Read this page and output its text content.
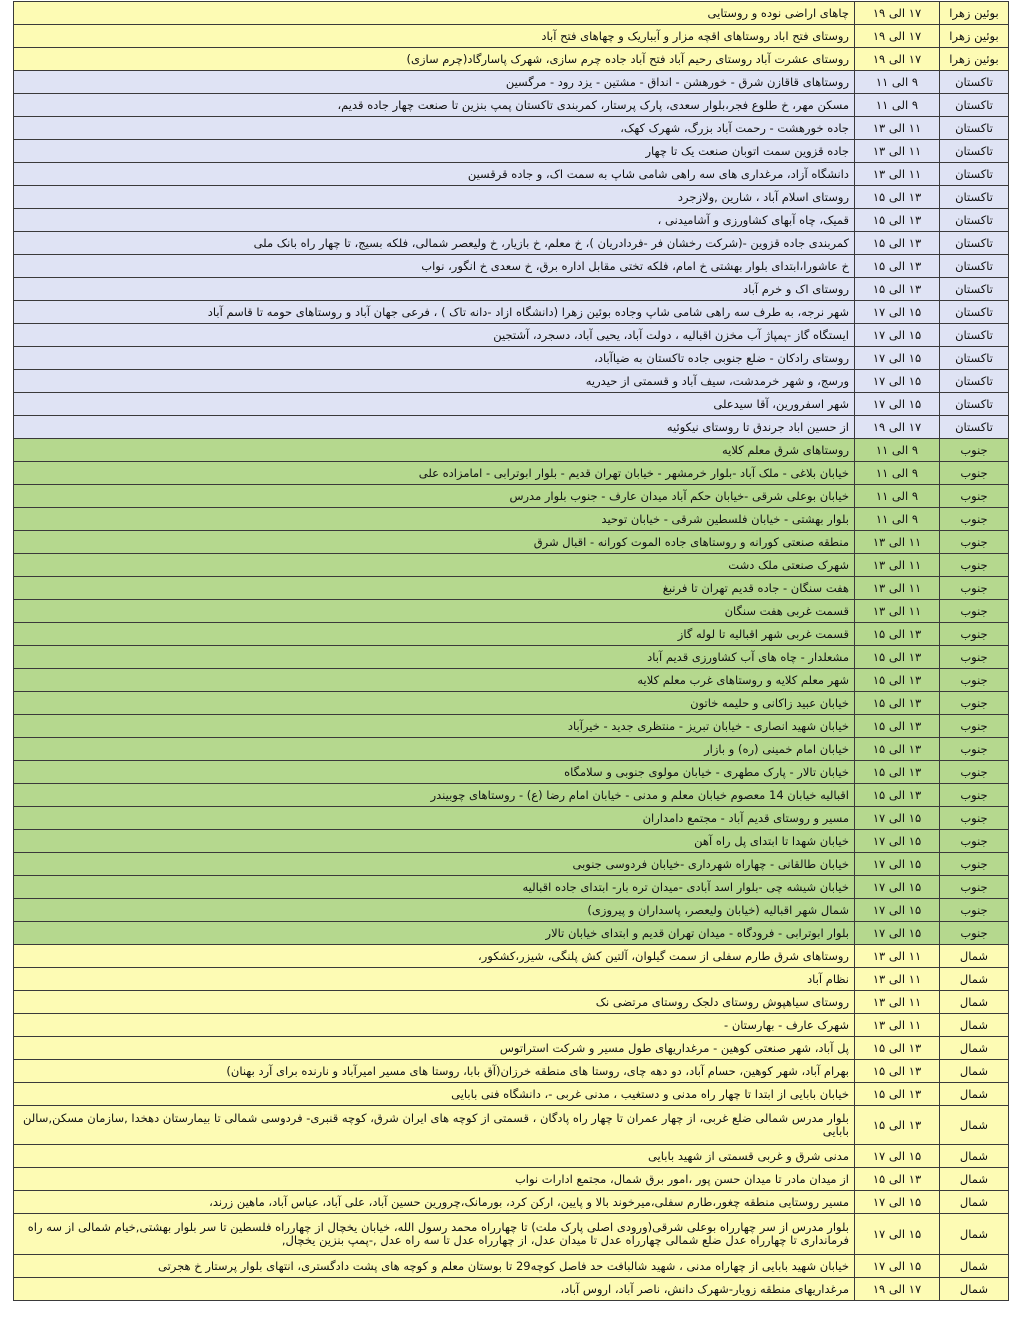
بوئین زهرا	۱۷ الی ۱۹	چاهای اراضی نوده و روستایی
بوئین زهرا	۱۷ الی ۱۹	روستای فتح اباد روستاهای اقچه مزار و آبباریک و چهاهای فتح آباد
بوئین زهرا	۱۷ الی ۱۹	روستای عشرت آباد روستای رحیم آباد فتح آباد جاده چرم سازی، شهرک پاسارگاد(چرم سازی)
تاکستان	۹ الی ۱۱	روستاهای قاقازن شرق - خورهشن - انداق - مشتین - یزد رود - مرگسین
تاکستان	۹ الی ۱۱	مسکن مهر، خ طلوع فجر،بلوار سعدی، پارک پرستار، کمربندی تاکستان پمپ بنزین تا صنعت چهار جاده قدیم،
تاکستان	۱۱ الی ۱۳	جاده خورهشت - رحمت آباد بزرگ، شهرک کهک،
تاکستان	۱۱ الی ۱۳	جاده قزوین سمت اتوبان صنعت یک تا چهار
تاکستان	۱۱ الی ۱۳	دانشگاه آزاد، مرغداری های سه راهی شامی شاپ به سمت اک، و جاده قرقسین
تاکستان	۱۳ الی ۱۵	روستای اسلام آباد ، شارین ,ولازجرد
تاکستان	۱۳ الی ۱۵	قمیک، چاه آبهای کشاورزی و آشامیدنی ،
تاکستان	۱۳ الی ۱۵	کمربندی جاده قزوین -(شرکت رخشان فر -فردادریان )، خ معلم، خ بازیار، خ ولیعصر شمالی، فلکه بسیج، تا چهار راه بانک ملی
تاکستان	۱۳ الی ۱۵	خ عاشورا،ابتدای بلوار بهشتی خ امام، فلکه تختی مقابل اداره برق، خ سعدی خ انگور، نواب
تاکستان	۱۳ الی ۱۵	روستای اک و خرم آباد
تاکستان	۱۵ الی ۱۷	شهر نرجه، به طرف سه راهی شامی شاپ وجاده بوئین زهرا (دانشگاه ازاد -دانه تاک ) ، فرعی جهان آباد و روستاهای حومه تا قاسم آباد
تاکستان	۱۵ الی ۱۷	ایستگاه گاز -پمپاژ آب مخزن اقبالیه ، دولت آباد، یحیی آباد، دسجرد، آشتجین
تاکستان	۱۵ الی ۱۷	روستای رادکان - ضلع جنوبی جاده تاکستان به ضیاآباد،
تاکستان	۱۵ الی ۱۷	ورسج، و شهر خرمدشت، سیف آباد و قسمتی از حیدریه
تاکستان	۱۵ الی ۱۷	شهر اسفرورین، آقا سیدعلی
تاکستان	۱۷ الی ۱۹	از حسین اباد جرندق تا روستای نیکوئیه
جنوب	۹ الی ۱۱	روستاهای شرق معلم کلایه
جنوب	۹ الی ۱۱	خیابان بلاغی - ملک آباد -بلوار خرمشهر - خیابان تهران قدیم - بلوار ابوترابی - امامزاده علی
جنوب	۹ الی ۱۱	خیابان بوعلی شرقی -خیابان حکم آباد میدان عارف - جنوب بلوار مدرس
جنوب	۹ الی ۱۱	بلوار بهشتی - خیابان فلسطین شرقی - خیابان توحید
جنوب	۱۱ الی ۱۳	منطقه صنعتی کورانه و روستاهای جاده الموت کورانه - اقبال شرق
جنوب	۱۱ الی ۱۳	شهرک صنعتی ملک دشت
جنوب	۱۱ الی ۱۳	هفت سنگان - جاده قدیم تهران تا فرنبغ
جنوب	۱۱ الی ۱۳	قسمت غربی هفت سنگان
جنوب	۱۳ الی ۱۵	قسمت غربی شهر اقبالیه تا لوله گاز
جنوب	۱۳ الی ۱۵	مشعلدار - چاه های آب کشاورزی قدیم آباد
جنوب	۱۳ الی ۱۵	شهر معلم کلایه و روستاهای غرب معلم کلایه
جنوب	۱۳ الی ۱۵	خیابان عبید زاکانی و حلیمه خاتون
جنوب	۱۳ الی ۱۵	خیابان شهید انصاری - خیابان تبریز - منتظری جدید - خیرآباد
جنوب	۱۳ الی ۱۵	خیابان امام خمینی (ره) و بازار
جنوب	۱۳ الی ۱۵	خیابان تالار - پارک مطهری - خیابان مولوی جنوبی و سلامگاه
جنوب	۱۳ الی ۱۵	اقبالیه خیابان 14 معصوم خیابان معلم و مدنی - خیابان امام رضا (ع) - روستاهای چوبیندر
جنوب	۱۵ الی ۱۷	مسیر و روستای قدیم آباد - مجتمع دامداران
جنوب	۱۵ الی ۱۷	خیابان شهدا تا ابتدای پل راه آهن
جنوب	۱۵ الی ۱۷	خیابان طالقانی - چهاراه شهرداری -خیابان فردوسی جنوبی
جنوب	۱۵ الی ۱۷	خیابان شیشه چی -بلوار اسد آبادی -میدان تره بار- ابتدای جاده اقبالیه
جنوب	۱۵ الی ۱۷	شمال شهر اقبالیه (خیابان ولیعصر، پاسداران و پیروزی)
جنوب	۱۵ الی ۱۷	بلوار ابوترابی - فرودگاه - میدان تهران قدیم و ابتدای خیابان تالار
شمال	۱۱ الی ۱۳	روستاهای شرق طارم سفلی از سمت گیلوان، آلتین کش پلنگی، شیزر،کشکور،
شمال	۱۱ الی ۱۳	نظام آباد
شمال	۱۱ الی ۱۳	روستای سیاهپوش روستای دلجک روستای مرتضی نک
شمال	۱۱ الی ۱۳	شهرک عارف - بهارستان -
شمال	۱۳ الی ۱۵	پل آباد، شهر صنعتی کوهین - مرغداریهای طول مسیر و شرکت استراتوس
شمال	۱۳ الی ۱۵	بهرام آباد، شهر کوهین، حسام آباد، دو دهه چای، روستا های منطقه خرزان(آق بابا، روستا های مسیر امیرآباد و نارنده برای آرد بهنان)
شمال	۱۳ الی ۱۵	خیابان بابایی از ابتدا تا چهار راه مدنی و دستغیب ، مدنی غربی -، دانشگاه فنی بابایی
شمال	۱۳ الی ۱۵	بلوار مدرس شمالی ضلع غربی، از چهار عمران تا چهار راه پادگان ، قسمتی از کوچه های ایران شرق، کوچه قنبری- فردوسی شمالی تا بیمارستان دهخدا ,سازمان مسکن,سالن بابایی
شمال	۱۵ الی ۱۷	مدنی شرق و غربی قسمتی از شهید بابایی
شمال	۱۳ الی ۱۵	از میدان مادر تا میدان حسن پور ،امور برق شمال، مجتمع ادارات نواب
شمال	۱۵ الی ۱۷	مسیر روستایی منطقه چغور،طارم سفلی،میرخوند بالا و پایین، ارکن کرد، بورمانک،چرورین حسین آباد، علی آباد، عباس آباد، ماهین زرند،
شمال	۱۵ الی ۱۷	بلوار مدرس از سر چهارراه بوعلی شرقی(ورودی اصلی پارک ملت) تا چهارراه محمد رسول الله، خیابان یخچال از چهارراه فلسطین تا سر بلوار بهشتی,خیام شمالی از سه راه فرمانداری تا چهارراه عدل ضلع شمالی چهارراه عدل تا میدان عدل، از چهارراه عدل تا سه راه عدل ,-پمپ بنزین یخچال,
شمال	۱۵ الی ۱۷	خیابان شهید بابایی از چهاراه مدنی ، شهید شالبافت حد فاصل کوچه29 تا بوستان معلم و کوچه های پشت دادگستری، انتهای بلوار پرستار خ هجرتی
شمال	۱۷ الی ۱۹	مرغداریهای منطقه زویار-شهرک دانش، ناصر آباد، اروس آباد،
